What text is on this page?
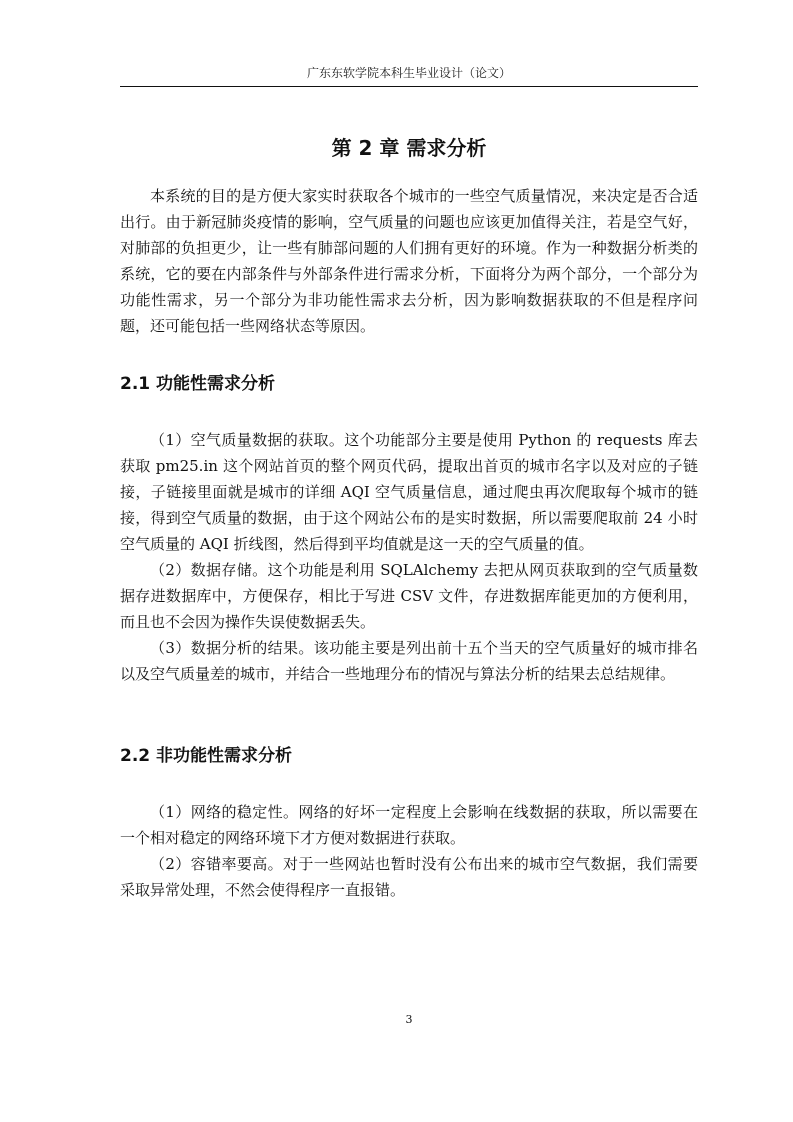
广东东软学院本科生毕业设计（论文）
第 2 章 需求分析

本系统的目的是方便大家实时获取各个城市的一些空气质量情况，来决定是否合适出行。由于新冠肺炎疫情的影响，空气质量的问题也应该更加值得关注，若是空气好，对肺部的负担更少，让一些有肺部问题的人们拥有更好的环境。作为一种数据分析类的系统，它的要在内部条件与外部条件进行需求分析，下面将分为两个部分，一个部分为功能性需求，另一个部分为非功能性需求去分析，因为影响数据获取的不但是程序问题，还可能包括一些网络状态等原因。

2.1 功能性需求分析

（1）空气质量数据的获取。这个功能部分主要是使用 Python 的 requests 库去获取 pm25.in 这个网站首页的整个网页代码，提取出首页的城市名字以及对应的子链接，子链接里面就是城市的详细 AQI 空气质量信息，通过爬虫再次爬取每个城市的链接，得到空气质量的数据，由于这个网站公布的是实时数据，所以需要爬取前 24 小时空气质量的 AQI 折线图，然后得到平均值就是这一天的空气质量的值。

（2）数据存储。这个功能是利用 SQLAlchemy 去把从网页获取到的空气质量数据存进数据库中，方便保存，相比于写进 CSV 文件，存进数据库能更加的方便利用，而且也不会因为操作失误使数据丢失。

（3）数据分析的结果。该功能主要是列出前十五个当天的空气质量好的城市排名以及空气质量差的城市，并结合一些地理分布的情况与算法分析的结果去总结规律。

2.2 非功能性需求分析

（1）网络的稳定性。网络的好坏一定程度上会影响在线数据的获取，所以需要在一个相对稳定的网络环境下才方便对数据进行获取。

（2）容错率要高。对于一些网站也暂时没有公布出来的城市空气数据，我们需要采取异常处理，不然会使得程序一直报错。

3
